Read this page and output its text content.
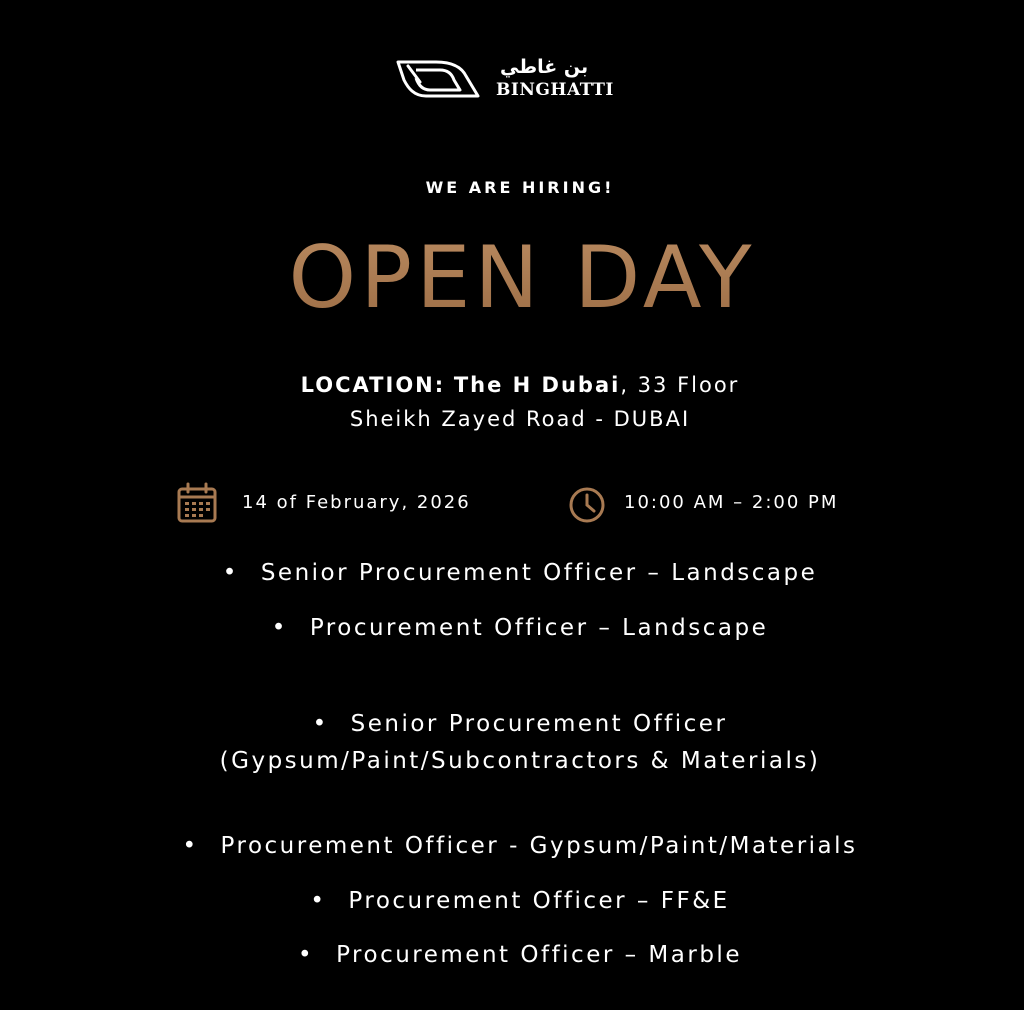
بن غاطي
BINGHATTI
WE ARE HIRING!
OPEN DAY
LOCATION: The H Dubai, 33 Floor
Sheikh Zayed Road - DUBAI
14 of February, 2026	10:00 AM – 2:00 PM
• Senior Procurement Officer – Landscape
• Procurement Officer – Landscape
• Senior Procurement Officer
(Gypsum/Paint/Subcontractors & Materials)
• Procurement Officer - Gypsum/Paint/Materials
• Procurement Officer – FF&E
• Procurement Officer – Marble
